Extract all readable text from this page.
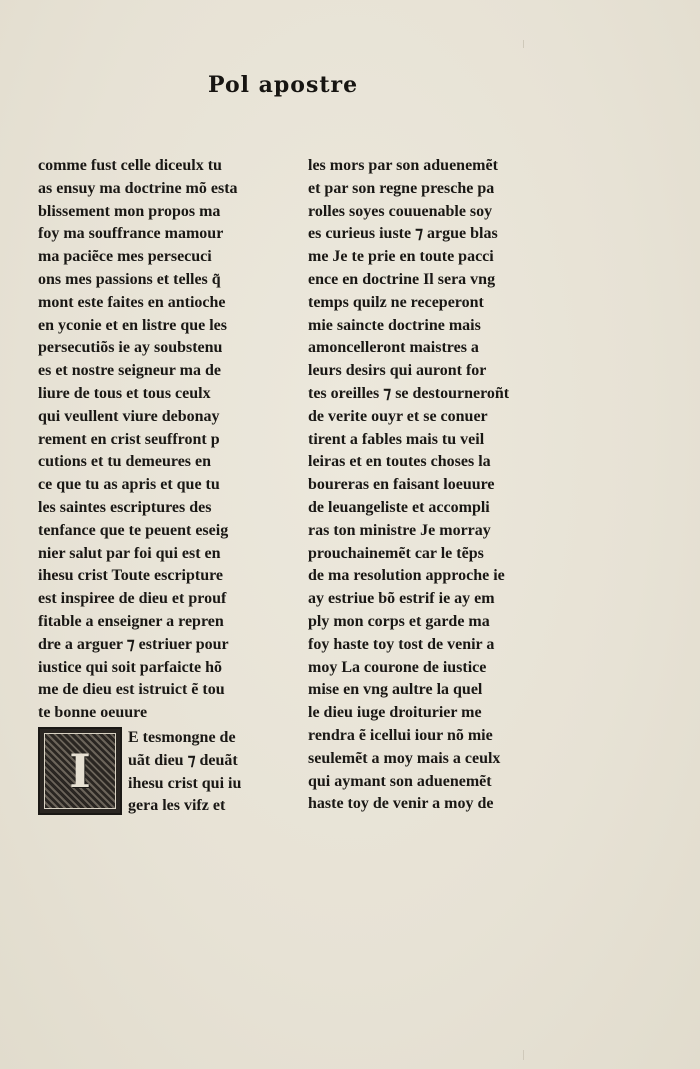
Pol apostre
comme fust celle diceulx tu
as ensuy ma doctrine mõ esta
blissement mon propos ma
foy ma souffrance mamour
ma paciẽce mes persecuci
ons mes passions et telles q̃
mont este faites en antioche
en yconie et en listre que les
persecutiõs ie ay soubstenu
es et nostre seigneur ma de
liure de tous et tous ceulx
qui veullent viure debonay
rement en crist seuffront p
cutions et tu demeures en
ce que tu as apris et que tu
les saintes escriptures des
tenfance que te peuent eseig
nier salut par foi qui est en
ihesu crist Toute escripture
est inspiree de dieu et prouf
fitable a enseigner a repren
dre a arguer ⁊ estriuer pour
iustice qui soit parfaicte hõ
me de dieu est istruict ẽ tou
te bonne oeuure
I
E tesmongne de
uãt dieu ⁊ deuãt
ihesu crist qui iu
gera les vifz et
les mors par son aduenemẽt
et par son regne presche pa
rolles soyes couuenable soy
es curieus iuste ⁊ argue blas
me Je te prie en toute pacci
ence en doctrine Il sera vng
temps quilz ne receperont
mie saincte doctrine mais
amoncelleront maistres a
leurs desirs qui auront for
tes oreilles ⁊ se destourneroñt
de verite ouyr et se conuer
tirent a fables mais tu veil
leiras et en toutes choses la
boureras en faisant loeuure
de leuangeliste et accompli
ras ton ministre Je morray
prouchainemẽt car le tẽps
de ma resolution approche ie
ay estriue bõ estrif ie ay em
ply mon corps et garde ma
foy haste toy tost de venir a
moy La courone de iustice
mise en vng aultre la quel
le dieu iuge droiturier me
rendra ẽ icellui iour nõ mie
seulemẽt a moy mais a ceulx
qui aymant son aduenemẽt
haste toy de venir a moy de
